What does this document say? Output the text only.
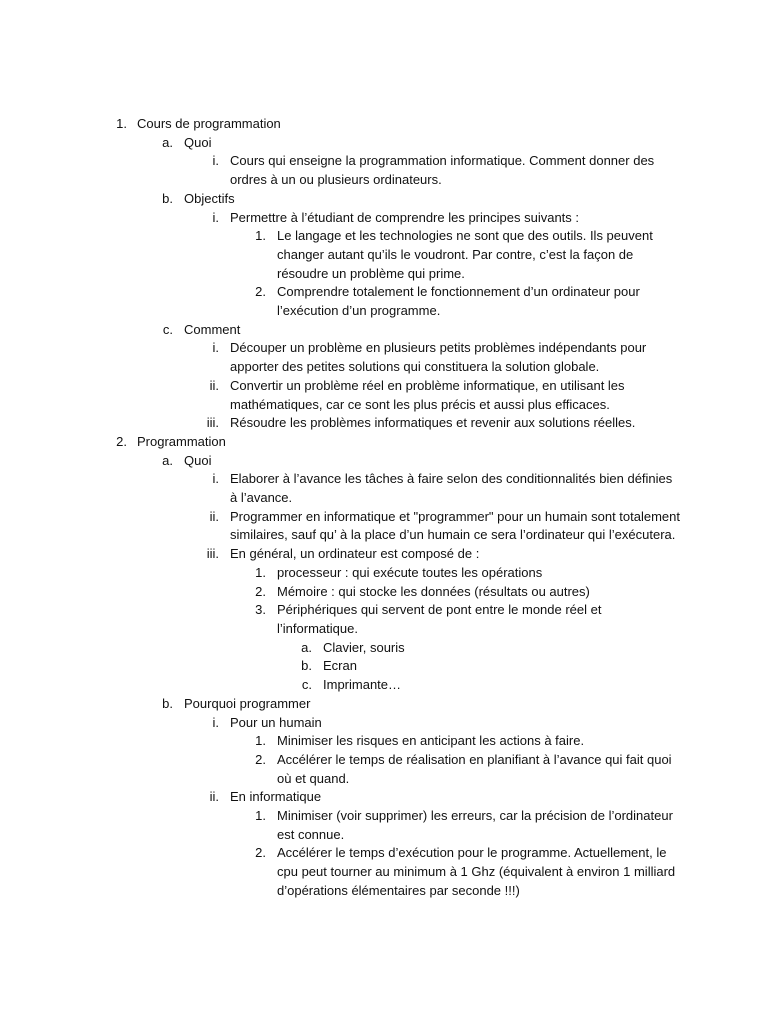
1. Cours de programmation
a. Quoi
i. Cours qui enseigne la programmation informatique. Comment donner des ordres à un ou plusieurs ordinateurs.
b. Objectifs
i. Permettre à l’étudiant de comprendre les principes suivants :
1. Le langage et les technologies ne sont que des outils. Ils peuvent changer autant qu’ils le voudront. Par contre, c’est la façon de résoudre un problème qui prime.
2. Comprendre totalement le fonctionnement d’un ordinateur pour l’exécution d’un programme.
c. Comment
i. Découper un problème en plusieurs petits problèmes indépendants pour apporter des petites solutions qui constituera la solution globale.
ii. Convertir un problème réel en problème informatique, en utilisant les mathématiques, car ce sont les plus précis et aussi plus efficaces.
iii. Résoudre les problèmes informatiques et revenir aux solutions réelles.
2. Programmation
a. Quoi
i. Elaborer à l’avance les tâches à faire selon des conditionnalités bien définies à l’avance.
ii. Programmer en informatique et "programmer" pour un humain sont totalement similaires, sauf qu’ à la place d’un humain ce sera l’ordinateur qui l’exécutera.
iii. En général, un ordinateur est composé de :
1. processeur : qui exécute toutes les opérations
2. Mémoire : qui stocke les données (résultats ou autres)
3. Périphériques qui servent de pont entre le monde réel et l’informatique.
a. Clavier, souris
b. Ecran
c. Imprimante…
b. Pourquoi programmer
i. Pour un humain
1. Minimiser les risques en anticipant les actions à faire.
2. Accélérer le temps de réalisation en planifiant à l’avance qui fait quoi où et quand.
ii. En informatique
1. Minimiser (voir supprimer) les erreurs, car la précision de l’ordinateur est connue.
2. Accélérer le temps d’exécution pour le programme. Actuellement, le cpu peut tourner au minimum à 1 Ghz (équivalent à environ 1 milliard d’opérations élémentaires par seconde !!!)
